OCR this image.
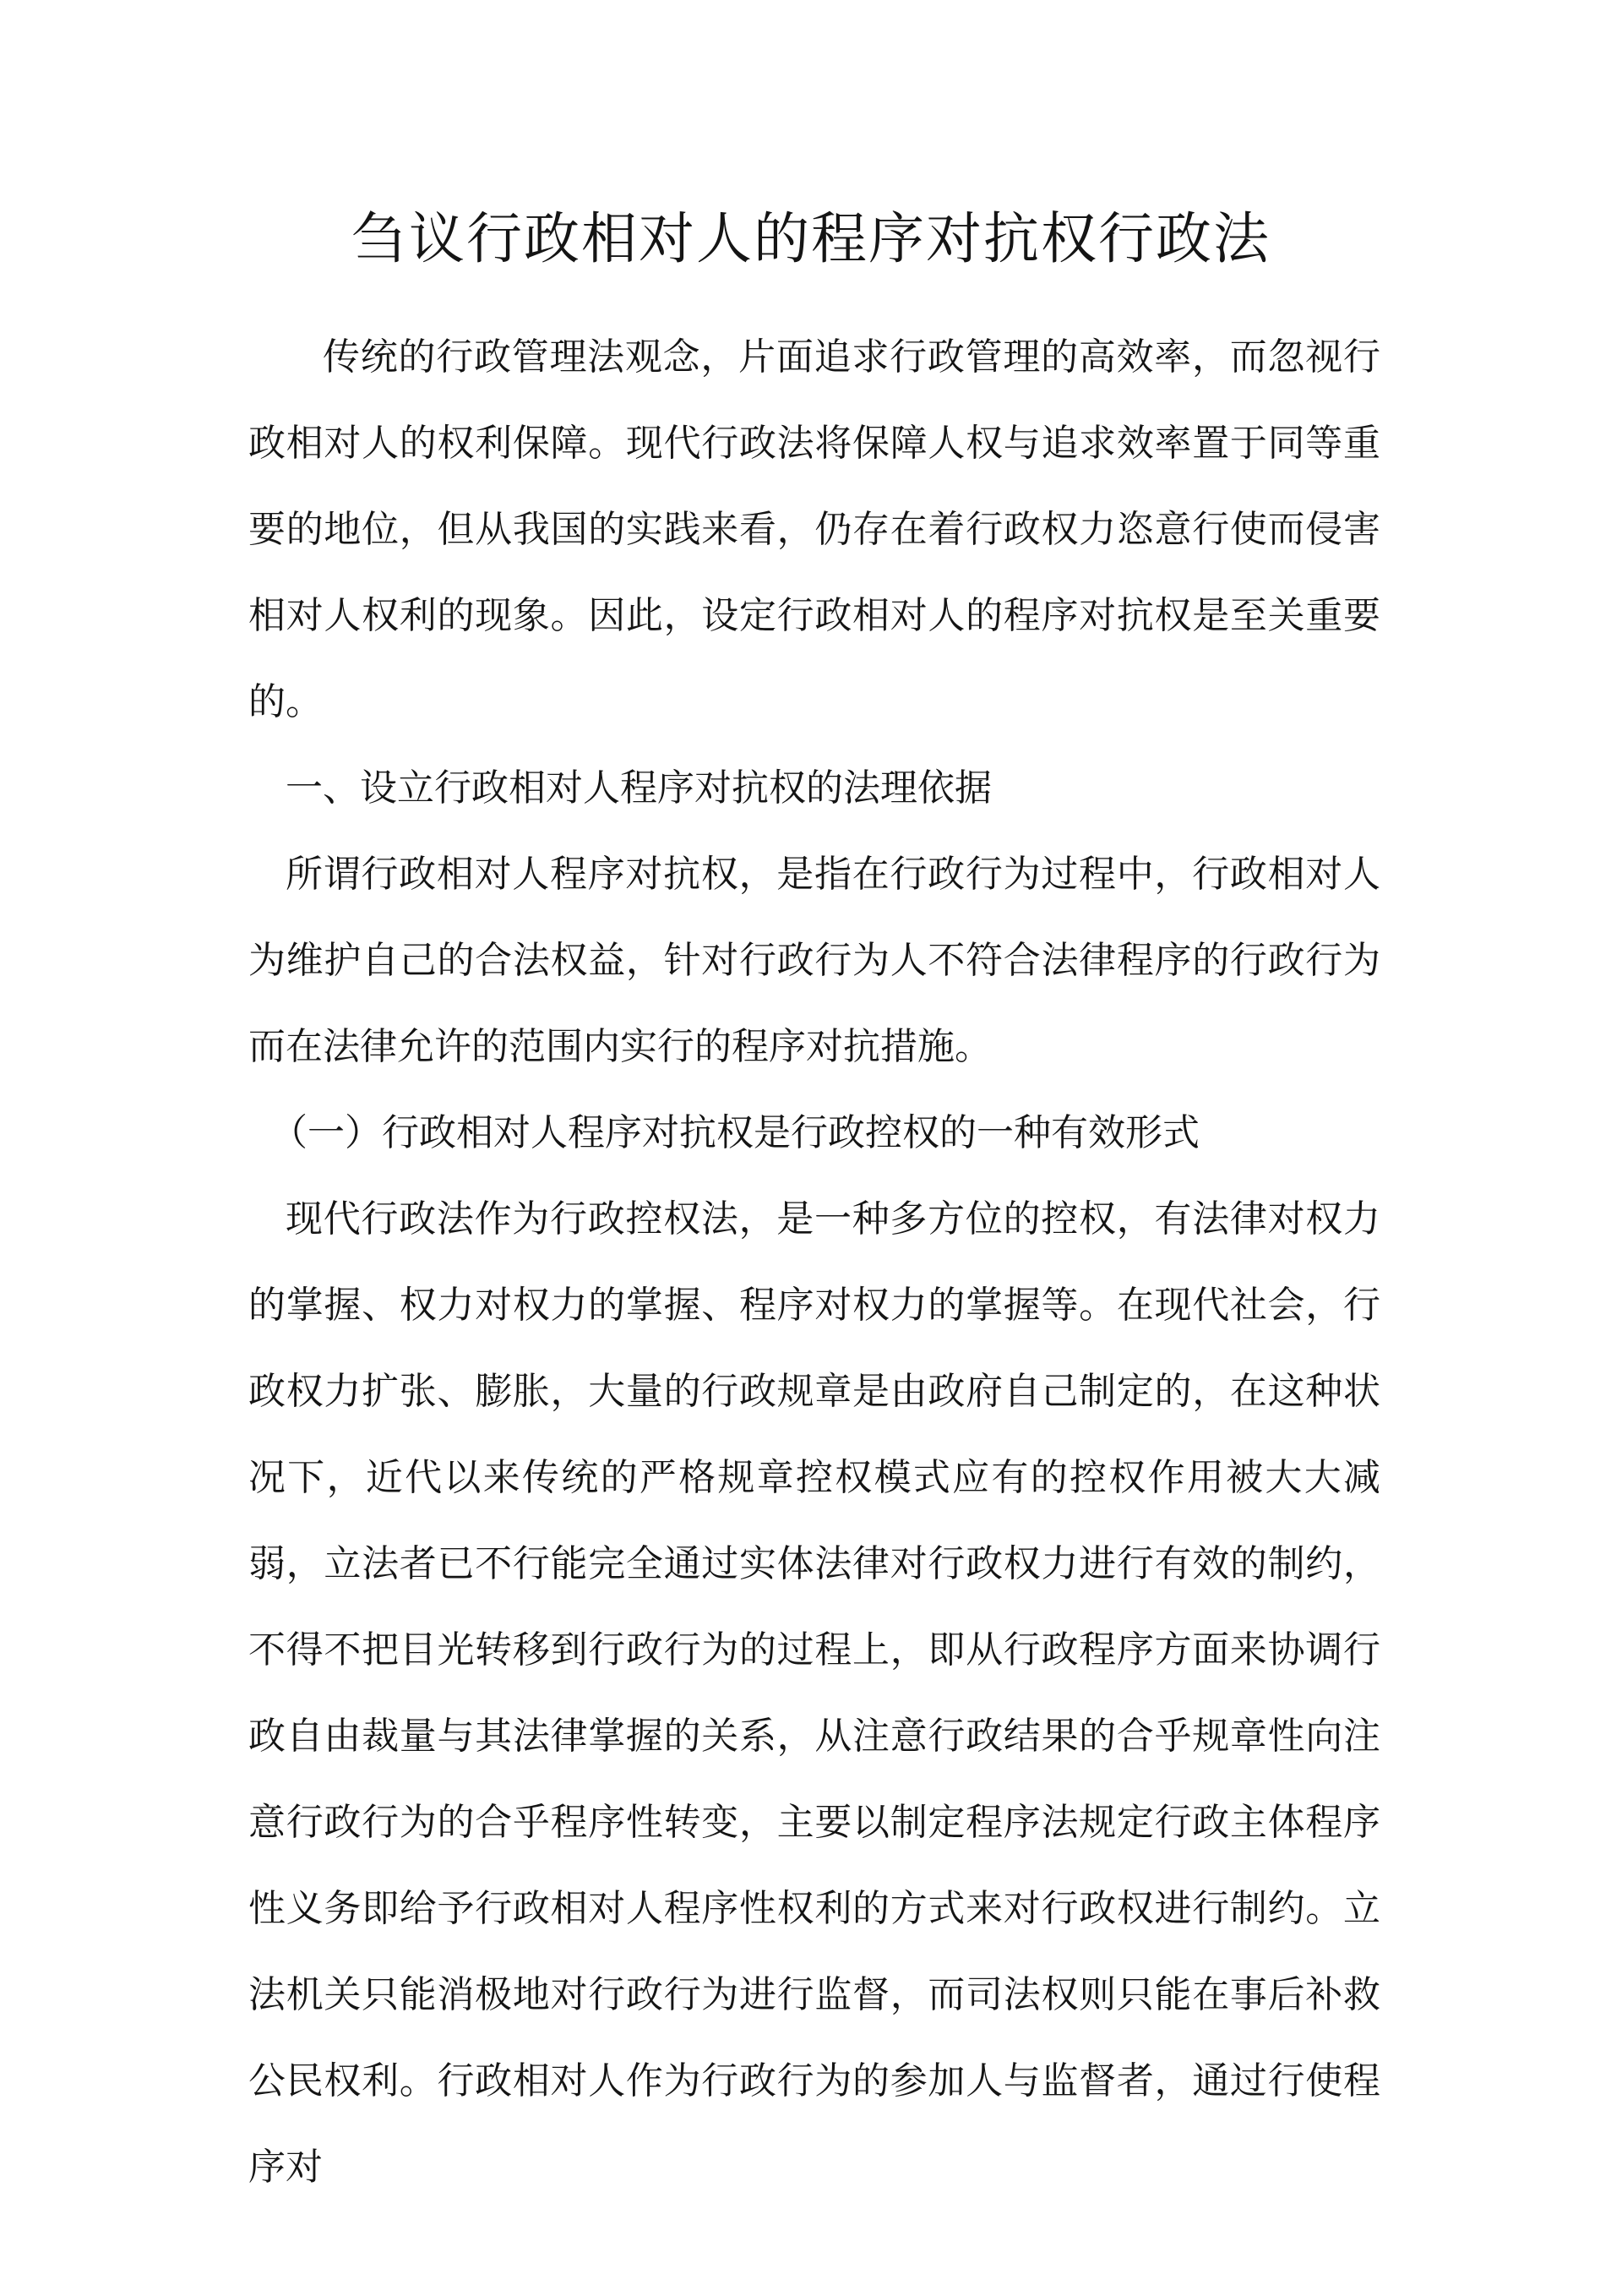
刍议行政相对人的程序对抗权行政法

传统的行政管理法观念，片面追求行政管理的高效率，而忽视行政相对人的权利保障。现代行政法将保障人权与追求效率置于同等重要的地位，但从我国的实践来看，仍存在着行政权力恣意行使而侵害相对人权利的现象。因此，设定行政相对人的程序对抗权是至关重要的。

一、设立行政相对人程序对抗权的法理依据

所谓行政相对人程序对抗权，是指在行政行为过程中，行政相对人为维护自己的合法权益，针对行政行为人不符合法律程序的行政行为而在法律允许的范围内实行的程序对抗措施。

（一）行政相对人程序对抗权是行政控权的一种有效形式

现代行政法作为行政控权法，是一种多方位的控权，有法律对权力的掌握、权力对权力的掌握、程序对权力的掌握等。在现代社会，行政权力扩张、膨胀，大量的行政规章是由政府自己制定的，在这种状况下，近代以来传统的严格规章控权模式应有的控权作用被大大减弱，立法者已不行能完全通过实体法律对行政权力进行有效的制约，不得不把目光转移到行政行为的过程上，即从行政程序方面来协调行政自由裁量与其法律掌握的关系，从注意行政结果的合乎规章性向注意行政行为的合乎程序性转变，主要以制定程序法规定行政主体程序性义务即给予行政相对人程序性权利的方式来对行政权进行制约。立法机关只能消极地对行政行为进行监督，而司法权则只能在事后补救公民权利。行政相对人作为行政行为的参加人与监督者，通过行使程序对
